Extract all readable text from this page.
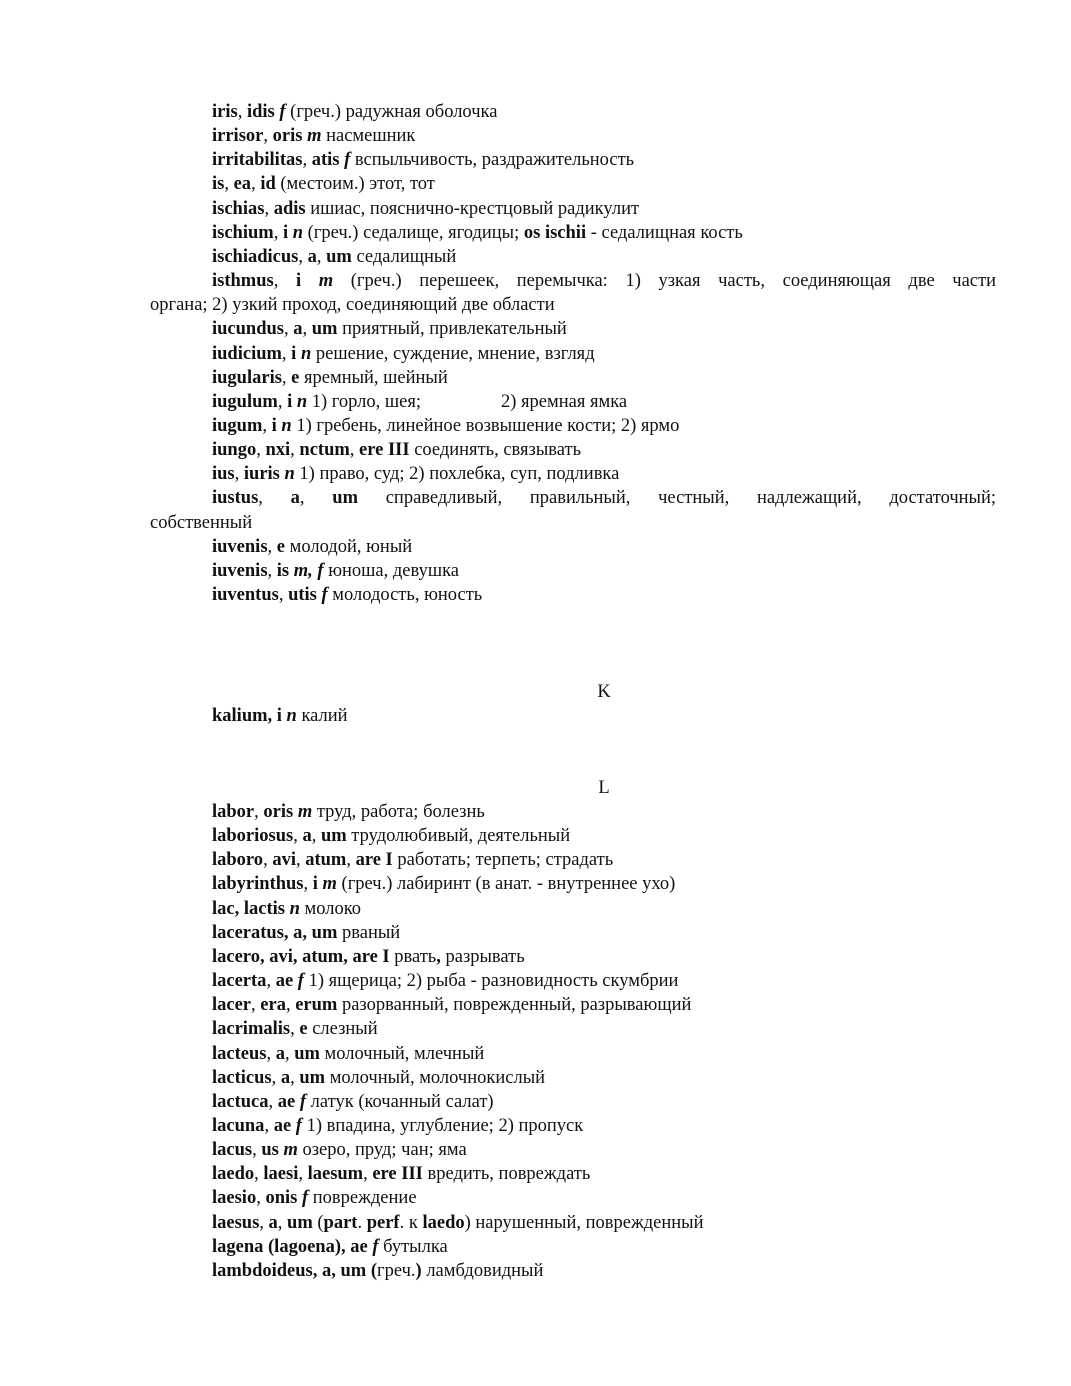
iris, idis f (греч.) радужная оболочка
irrisor, oris m насмешник
irritabilitas, atis f вспыльчивость, раздражительность
is, ea, id (местоим.) этот, тот
ischias, adis ишиас, пояснично-крестцовый радикулит
ischium, i n (греч.) седалище, ягодицы; os ischii - седалищная кость
ischiadicus, a, um седалищный
isthmus, i m (греч.) перешеек, перемычка: 1) узкая часть, соединяющая две части
органа; 2) узкий проход, соединяющий две области
iucundus, a, um приятный, привлекательный
iudicium, i n решение, суждение, мнение, взгляд
iugularis, e яремный, шейный
iugulum, i n 1) горло, шея;	2) яремная ямка
iugum, i n 1) гребень, линейное возвышение кости; 2) ярмо
iungo, nxi, nctum, ere III соединять, связывать
ius, iuris n 1) право, суд; 2) похлебка, суп, подливка
iustus, a, um справедливый, правильный, честный, надлежащий, достаточный;
собственный
iuvenis, e молодой, юный
iuvenis, is m, f юноша, девушка
iuventus, utis f молодость, юность
K
kalium, i n калий
L
labor, oris m труд, работа; болезнь
laboriosus, a, um трудолюбивый, деятельный
laboro, avi, atum, are I работать; терпеть; страдать
labyrinthus, i m (греч.) лабиринт (в анат. - внутреннее ухо)
lac, lactis n молоко
laceratus, a, um рваный
lacero, avi, atum, are I рвать, разрывать
lacerta, ae f 1) ящерица; 2) рыба - разновидность скумбрии
lacer, era, erum разорванный, поврежденный, разрывающий
lacrimalis, e слезный
lacteus, a, um молочный, млечный
lacticus, a, um молочный, молочнокислый
lactuca, ae f латук (кочанный салат)
lacuna, ae f 1) впадина, углубление; 2) пропуск
lacus, us m озеро, пруд; чан; яма
laedo, laesi, laesum, ere III вредить, повреждать
laesio, onis f повреждение
laesus, a, um (part. perf. к laedo) нарушенный, поврежденный
lagena (lagoena), ae f бутылка
lambdoideus, a, um (греч.) ламбдовидный
